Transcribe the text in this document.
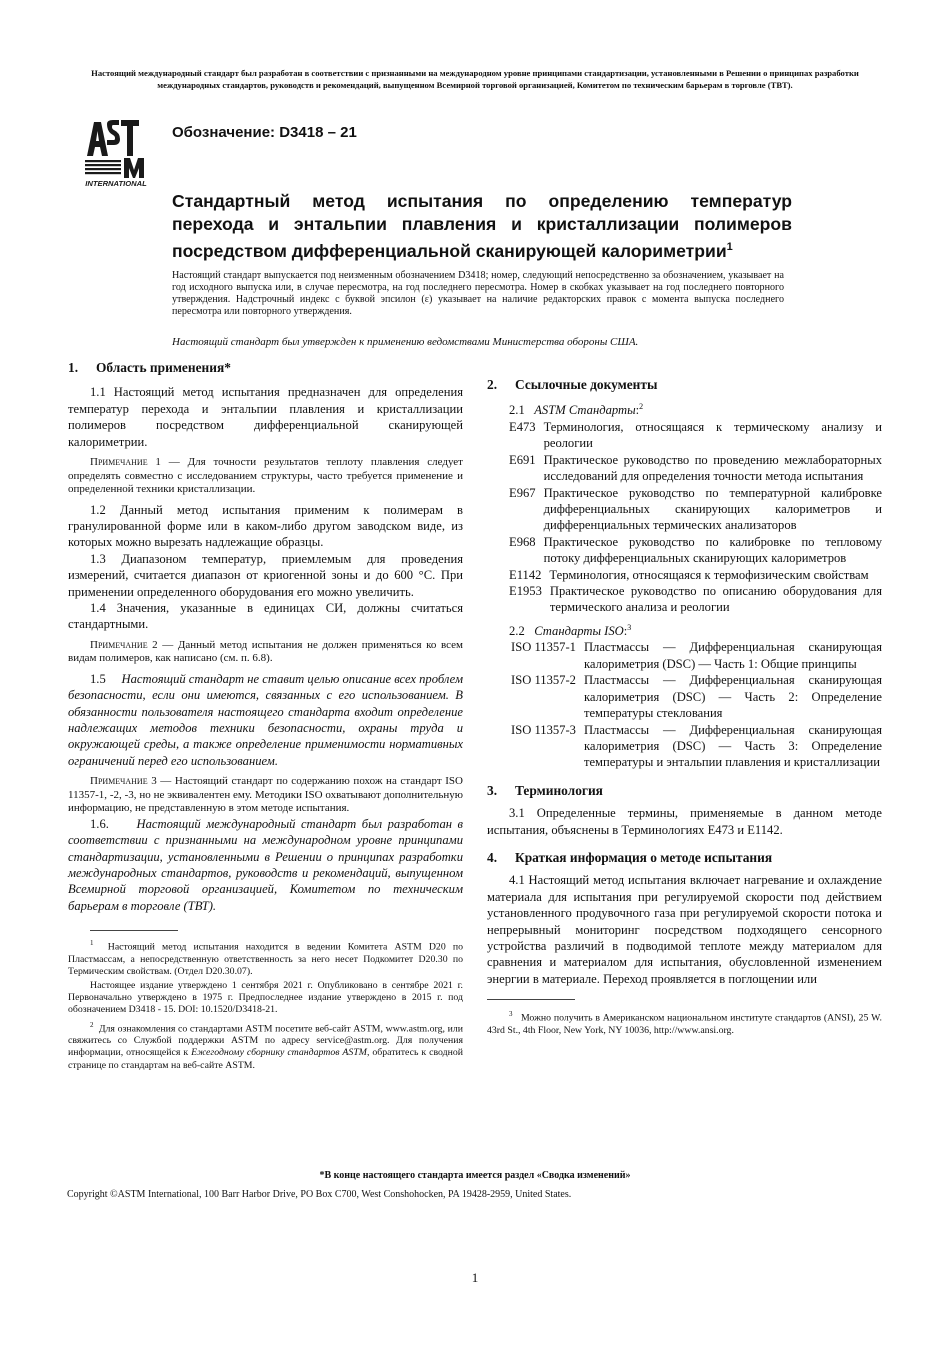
Настоящий международный стандарт был разработан в соответствии с признанными на международном уровне принципами стандартизации, установленными в Решении о принципах разработки международных стандартов, руководств и рекомендаций, выпущенном Всемирной торговой организацией, Комитетом по техническим барьерам в торговле (ТВТ).
INTERNATIONAL
Обозначение: D3418 – 21
Стандартный метод испытания по определению температур перехода и энтальпии плавления и кристаллизации полимеров посредством дифференциальной сканирующей калориметрии$^1$
Настоящий стандарт выпускается под неизменным обозначением D3418; номер, следующий непосредственно за обозначением, указывает на год исходного выпуска или, в случае пересмотра, на год последнего пересмотра. Номер в скобках указывает на год последнего повторного утверждения. Надстрочный индекс с буквой эпсилон (ε) указывает на наличие редакторских правок с момента выпуска последнего пересмотра или повторного утверждения.
Настоящий стандарт был утвержден к применению ведомствами Министерства обороны США.

1. Область применения*

1.1 Настоящий метод испытания предназначен для определения температур перехода и энтальпии плавления и кристаллизации полимеров посредством дифференциальной сканирующей калориметрии.

Примечание 1 — Для точности результатов теплоту плавления следует определять совместно с исследованием структуры, часто требуется применение и определенной техники кристаллизации.

1.2 Данный метод испытания применим к полимерам в гранулированной форме или в каком-либо другом заводском виде, из которых можно вырезать надлежащие образцы.

1.3 Диапазоном температур, приемлемым для проведения измерений, считается диапазон от криогенной зоны и до 600 °C. При применении определенного оборудования его можно увеличить.

1.4 Значения, указанные в единицах СИ, должны считаться стандартными.

Примечание 2 — Данный метод испытания не должен применяться ко всем видам полимеров, как написано (см. п. 6.8).

1.5 Настоящий стандарт не ставит целью описание всех проблем безопасности, если они имеются, связанных с его использованием. В обязанности пользователя настоящего стандарта входит определение надлежащих методов техники безопасности, охраны труда и окружающей среды, а также определение применимости нормативных ограничений перед его использованием.

Примечание 3 — Настоящий стандарт по содержанию похож на стандарт ISO 11357-1, -2, -3, но не эквивалентен ему. Методики ISO охватывают дополнительную информацию, не представленную в этом методе испытания.

1.6. Настоящий международный стандарт был разработан в соответствии с признанными на международном уровне принципами стандартизации, установленными в Решении о принципах разработки международных стандартов, руководств и рекомендаций, выпущенном Всемирной торговой организацией, Комитетом по техническим барьерам в торговле (ТВТ).

$^1$ Настоящий метод испытания находится в ведении Комитета ASTM D20 по Пластмассам, а непосредственную ответственность за него несет Подкомитет D20.30 по Термическим свойствам. (Отдел D20.30.07).

Настоящее издание утверждено 1 сентября 2021 г. Опубликовано в сентябре 2021 г. Первоначально утверждено в 1975 г. Предпоследнее издание утверждено в 2015 г. под обозначением D3418 - 15. DOI: 10.1520/D3418-21.

$^2$ Для ознакомления со стандартами ASTM посетите веб-сайт ASTM, www.astm.org, или свяжитесь со Службой поддержки ASTM по адресу service@astm.org. Для получения информации, относящейся к Ежегодному сборнику стандартов ASTM, обратитесь к сводной странице по стандартам на веб-сайте ASTM.

2. Ссылочные документы

2.1 ASTM Стандарты:$^2$

E473 Терминология, относящаяся к термическому анализу и реологии
E691 Практическое руководство по проведению межлабораторных исследований для определения точности метода испытания
E967 Практическое руководство по температурной калибровке дифференциальных сканирующих калориметров и дифференциальных термических анализаторов
E968 Практическое руководство по калибровке по тепловому потоку дифференциальных сканирующих калориметров
E1142 Терминология, относящаяся к термофизическим свойствам
E1953 Практическое руководство по описанию оборудования для термического анализа и реологии

2.2 Стандарты ISO:$^3$

ISO 11357-1 Пластмассы — Дифференциальная сканирующая калориметрия (DSC) — Часть 1: Общие принципы
ISO 11357-2 Пластмассы — Дифференциальная сканирующая калориметрия (DSC) — Часть 2: Определение температуры стеклования
ISO 11357-3 Пластмассы — Дифференциальная сканирующая калориметрия (DSC) — Часть 3: Определение температуры и энтальпии плавления и кристаллизации

3. Терминология

3.1 Определенные термины, применяемые в данном методе испытания, объяснены в Терминологиях E473 и E1142.

4. Краткая информация о методе испытания

4.1 Настоящий метод испытания включает нагревание и охлаждение материала для испытания при регулируемой скорости под действием установленного продувочного газа при регулируемой скорости потока и непрерывный мониторинг посредством подходящего сенсорного устройства различий в подводимой теплоте между материалом для сравнения и материалом для испытания, обусловленной изменением энергии в материале. Переход проявляется в поглощении или

$^3$ Можно получить в Американском национальном институте стандартов (ANSI), 25 W. 43rd St., 4th Floor, New York, NY 10036, http://www.ansi.org.

*В конце настоящего стандарта имеется раздел «Сводка изменений»
Copyright ©ASTM International, 100 Barr Harbor Drive, PO Box C700, West Conshohocken, PA 19428-2959, United States.
1
